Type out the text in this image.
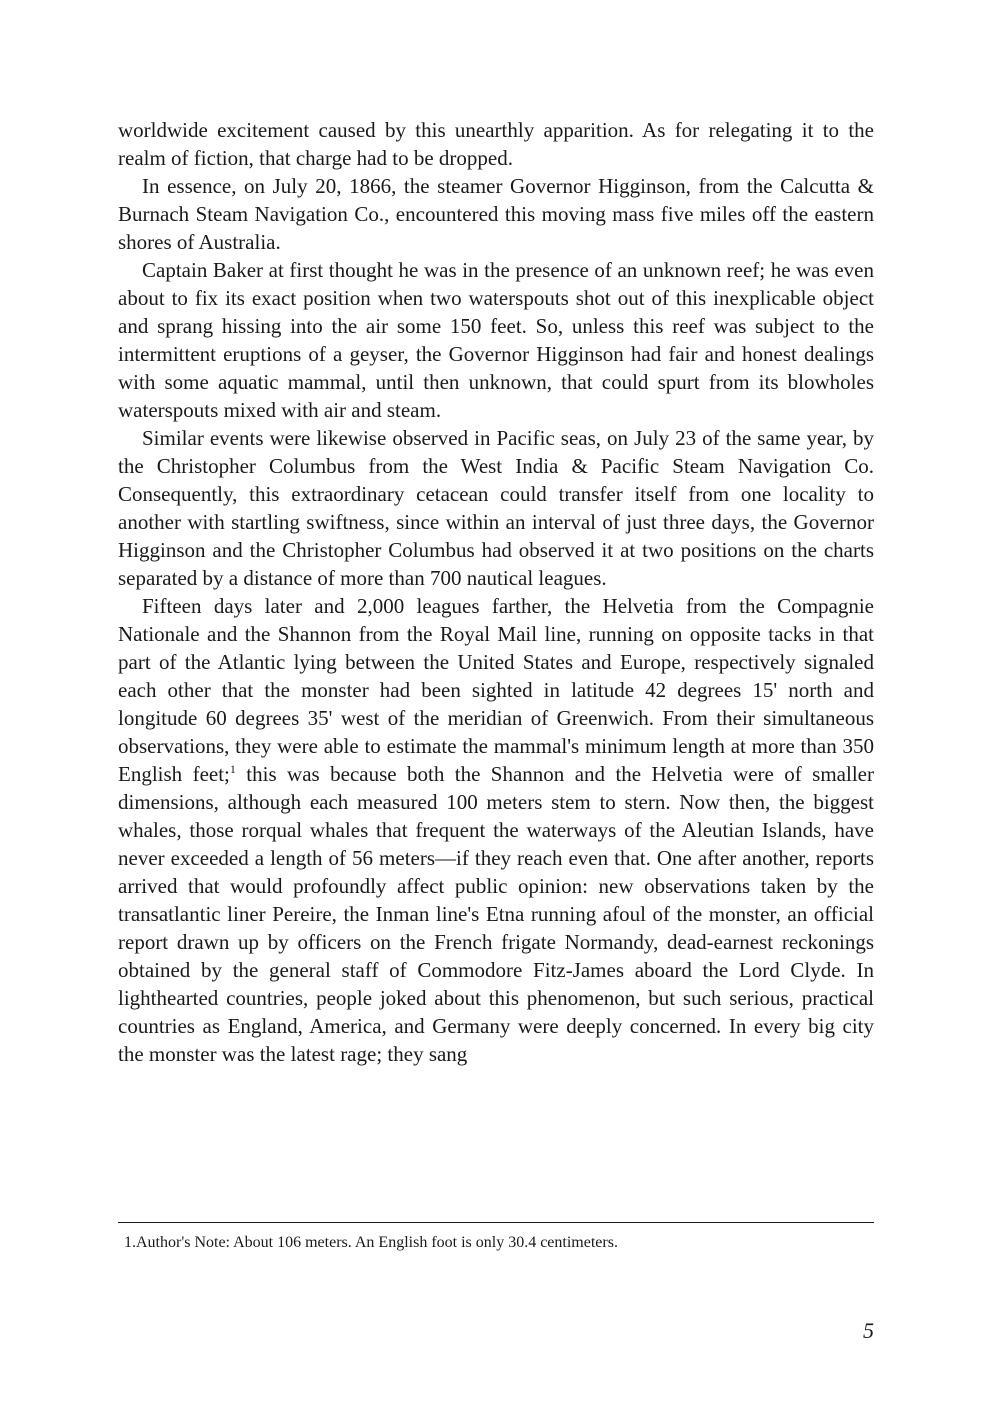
worldwide excitement caused by this unearthly apparition. As for relegating it to the realm of fiction, that charge had to be dropped.

In essence, on July 20, 1866, the steamer Governor Higginson, from the Calcutta & Burnach Steam Navigation Co., encountered this moving mass five miles off the eastern shores of Australia.

Captain Baker at first thought he was in the presence of an unknown reef; he was even about to fix its exact position when two waterspouts shot out of this inexplicable object and sprang hissing into the air some 150 feet. So, unless this reef was subject to the intermittent eruptions of a geyser, the Governor Higginson had fair and honest dealings with some aquatic mammal, until then unknown, that could spurt from its blowholes waterspouts mixed with air and steam.

Similar events were likewise observed in Pacific seas, on July 23 of the same year, by the Christopher Columbus from the West India & Pacific Steam Navigation Co. Consequently, this extraordinary cetacean could transfer itself from one locality to another with startling swiftness, since within an interval of just three days, the Governor Higginson and the Christopher Columbus had observed it at two positions on the charts separated by a distance of more than 700 nautical leagues.

Fifteen days later and 2,000 leagues farther, the Helvetia from the Compagnie Nationale and the Shannon from the Royal Mail line, running on opposite tacks in that part of the Atlantic lying between the United States and Europe, respectively signaled each other that the monster had been sighted in latitude 42 degrees 15' north and longitude 60 degrees 35' west of the meridian of Greenwich. From their simultaneous observations, they were able to estimate the mammal's minimum length at more than 350 English feet;$^1$ this was because both the Shannon and the Helvetia were of smaller dimensions, although each measured 100 meters stem to stern. Now then, the biggest whales, those rorqual whales that frequent the waterways of the Aleutian Islands, have never exceeded a length of 56 meters—if they reach even that. One after another, reports arrived that would profoundly affect public opinion: new observations taken by the transatlantic liner Pereire, the Inman line's Etna running afoul of the monster, an official report drawn up by officers on the French frigate Normandy, dead-earnest reckonings obtained by the general staff of Commodore Fitz-James aboard the Lord Clyde. In lighthearted countries, people joked about this phenomenon, but such serious, practical countries as England, America, and Germany were deeply concerned. In every big city the monster was the latest rage; they sang

1.Author's Note: About 106 meters. An English foot is only 30.4 centimeters.
5
